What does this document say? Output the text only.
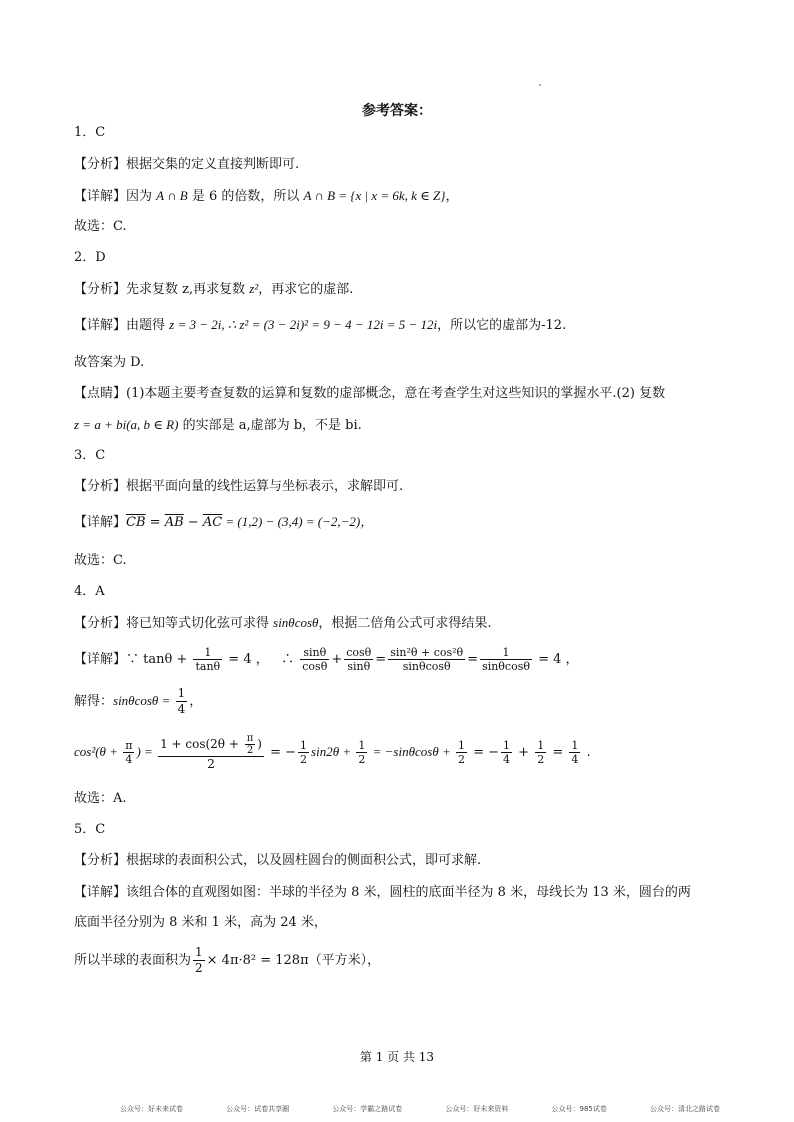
参考答案：
1．C
【分析】根据交集的定义直接判断即可.
【详解】因为 A ∩ B 是 6 的倍数，所以 A ∩ B = {x | x = 6k, k ∈ Z}，
故选：C.
2．D
【分析】先求复数 z,再求复数 z²，再求它的虚部.
【详解】由题得 z = 3 − 2i, ∴ z² = (3 − 2i)² = 9 − 4 − 12i = 5 − 12i，所以它的虚部为-12.
故答案为 D.
【点睛】(1)本题主要考查复数的运算和复数的虚部概念，意在考查学生对这些知识的掌握水平.(2) 复数
z = a + bi(a, b ∈ R) 的实部是 a,虚部为 b，不是 bi.
3．C
【分析】根据平面向量的线性运算与坐标表示，求解即可.
【详解】$\overline{CB} = \overline{AB} - \overline{AC} = (1,2) - (3,4) = (-2,-2)$，
故选：C.
4．A
【分析】将已知等式切化弦可求得 sinθcosθ，根据二倍角公式可求得结果.
【详解】∵ $\tan\theta + \frac{1}{\tan\theta} = 4$ ， ∴ $\frac{\sin\theta}{\cos\theta} + \frac{\cos\theta}{\sin\theta} = \frac{\text{sin²θ + cos²θ}}{\sin\theta\cos\theta} = \frac{1}{\sin\theta\cos\theta} = 4$ ，
解得：$\sin\theta\cos\theta = \frac{1}{4}$ ，
$\cos^2(\theta + \frac{\pi}{4}$ ) = $\frac{1 + \cos(2\theta + \frac{\pi}{2} )}{2}$ = − $\frac{1}{2} \sin 2\theta + \frac{1}{2} = -\sin\theta\cos\theta + \frac{1}{2}$ = − $\frac{1}{4} + \frac{1}{2} = \frac{1}{4}$ .
故选：A.
5．C
【分析】根据球的表面积公式，以及圆柱圆台的侧面积公式，即可求解.
【详解】该组合体的直观图如图：半球的半径为 8 米，圆柱的底面半径为 8 米，母线长为 13 米，圆台的两
底面半径分别为 8 米和 1 米，高为 24 米，
所以半球的表面积为 $\frac{1}{2} \times 4\pi\cdot 8^2 = 128\pi$（平方米），
第 1 页 共 13
公众号：好未来试卷	公众号：试卷共享圈	公众号：学霸之路试卷	公众号：好未来资料	公众号：985试卷	公众号：清北之路试卷
